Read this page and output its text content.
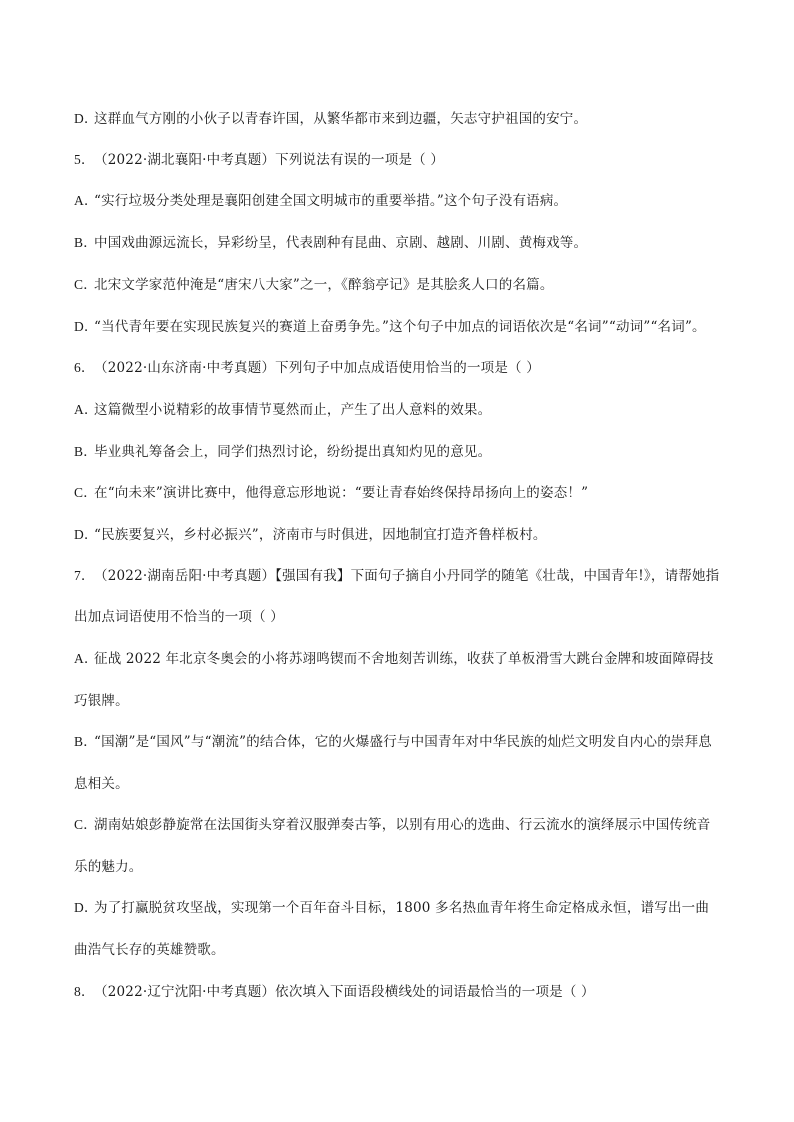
D．这群血气方刚的小伙子以青春许国，从繁华都市来到边疆，矢志守护祖国的安宁。
5．（2022·湖北襄阳·中考真题）下列说法有误的一项是（ ）
A．“实行垃圾分类处理是襄阳创建全国文明城市的重要举措。”这个句子没有语病。
B．中国戏曲源远流长，异彩纷呈，代表剧种有昆曲、京剧、越剧、川剧、黄梅戏等。
C．北宋文学家范仲淹是“唐宋八大家”之一，《醉翁亭记》是其脍炙人口的名篇。
D．“当代青年要在实现民族复兴的赛道上奋勇争先。”这个句子中加点的词语依次是“名词”“动词”“名词”。
6．（2022·山东济南·中考真题）下列句子中加点成语使用恰当的一项是（ ）
A．这篇微型小说精彩的故事情节戛然而止，产生了出人意料的效果。
B．毕业典礼筹备会上，同学们热烈讨论，纷纷提出真知灼见的意见。
C．在“向未来”演讲比赛中，他得意忘形地说：“要让青春始终保持昂扬向上的姿态！”
D．“民族要复兴，乡村必振兴”，济南市与时俱进，因地制宜打造齐鲁样板村。
7．（2022·湖南岳阳·中考真题）【强国有我】下面句子摘自小丹同学的随笔《壮哉，中国青年!》，请帮她指
出加点词语使用不恰当的一项（ ）
A．征战 2022 年北京冬奥会的小将苏翊鸣锲而不舍地刻苦训练，收获了单板滑雪大跳台金牌和坡面障碍技
巧银牌。
B．“国潮”是“国风”与“潮流”的结合体，它的火爆盛行与中国青年对中华民族的灿烂文明发自内心的崇拜息
息相关。
C．湖南姑娘彭静旋常在法国街头穿着汉服弹奏古筝，以别有用心的选曲、行云流水的演绎展示中国传统音
乐的魅力。
D．为了打赢脱贫攻坚战，实现第一个百年奋斗目标，1800 多名热血青年将生命定格成永恒，谱写出一曲
曲浩气长存的英雄赞歌。
8．（2022·辽宁沈阳·中考真题）依次填入下面语段横线处的词语最恰当的一项是（ ）
